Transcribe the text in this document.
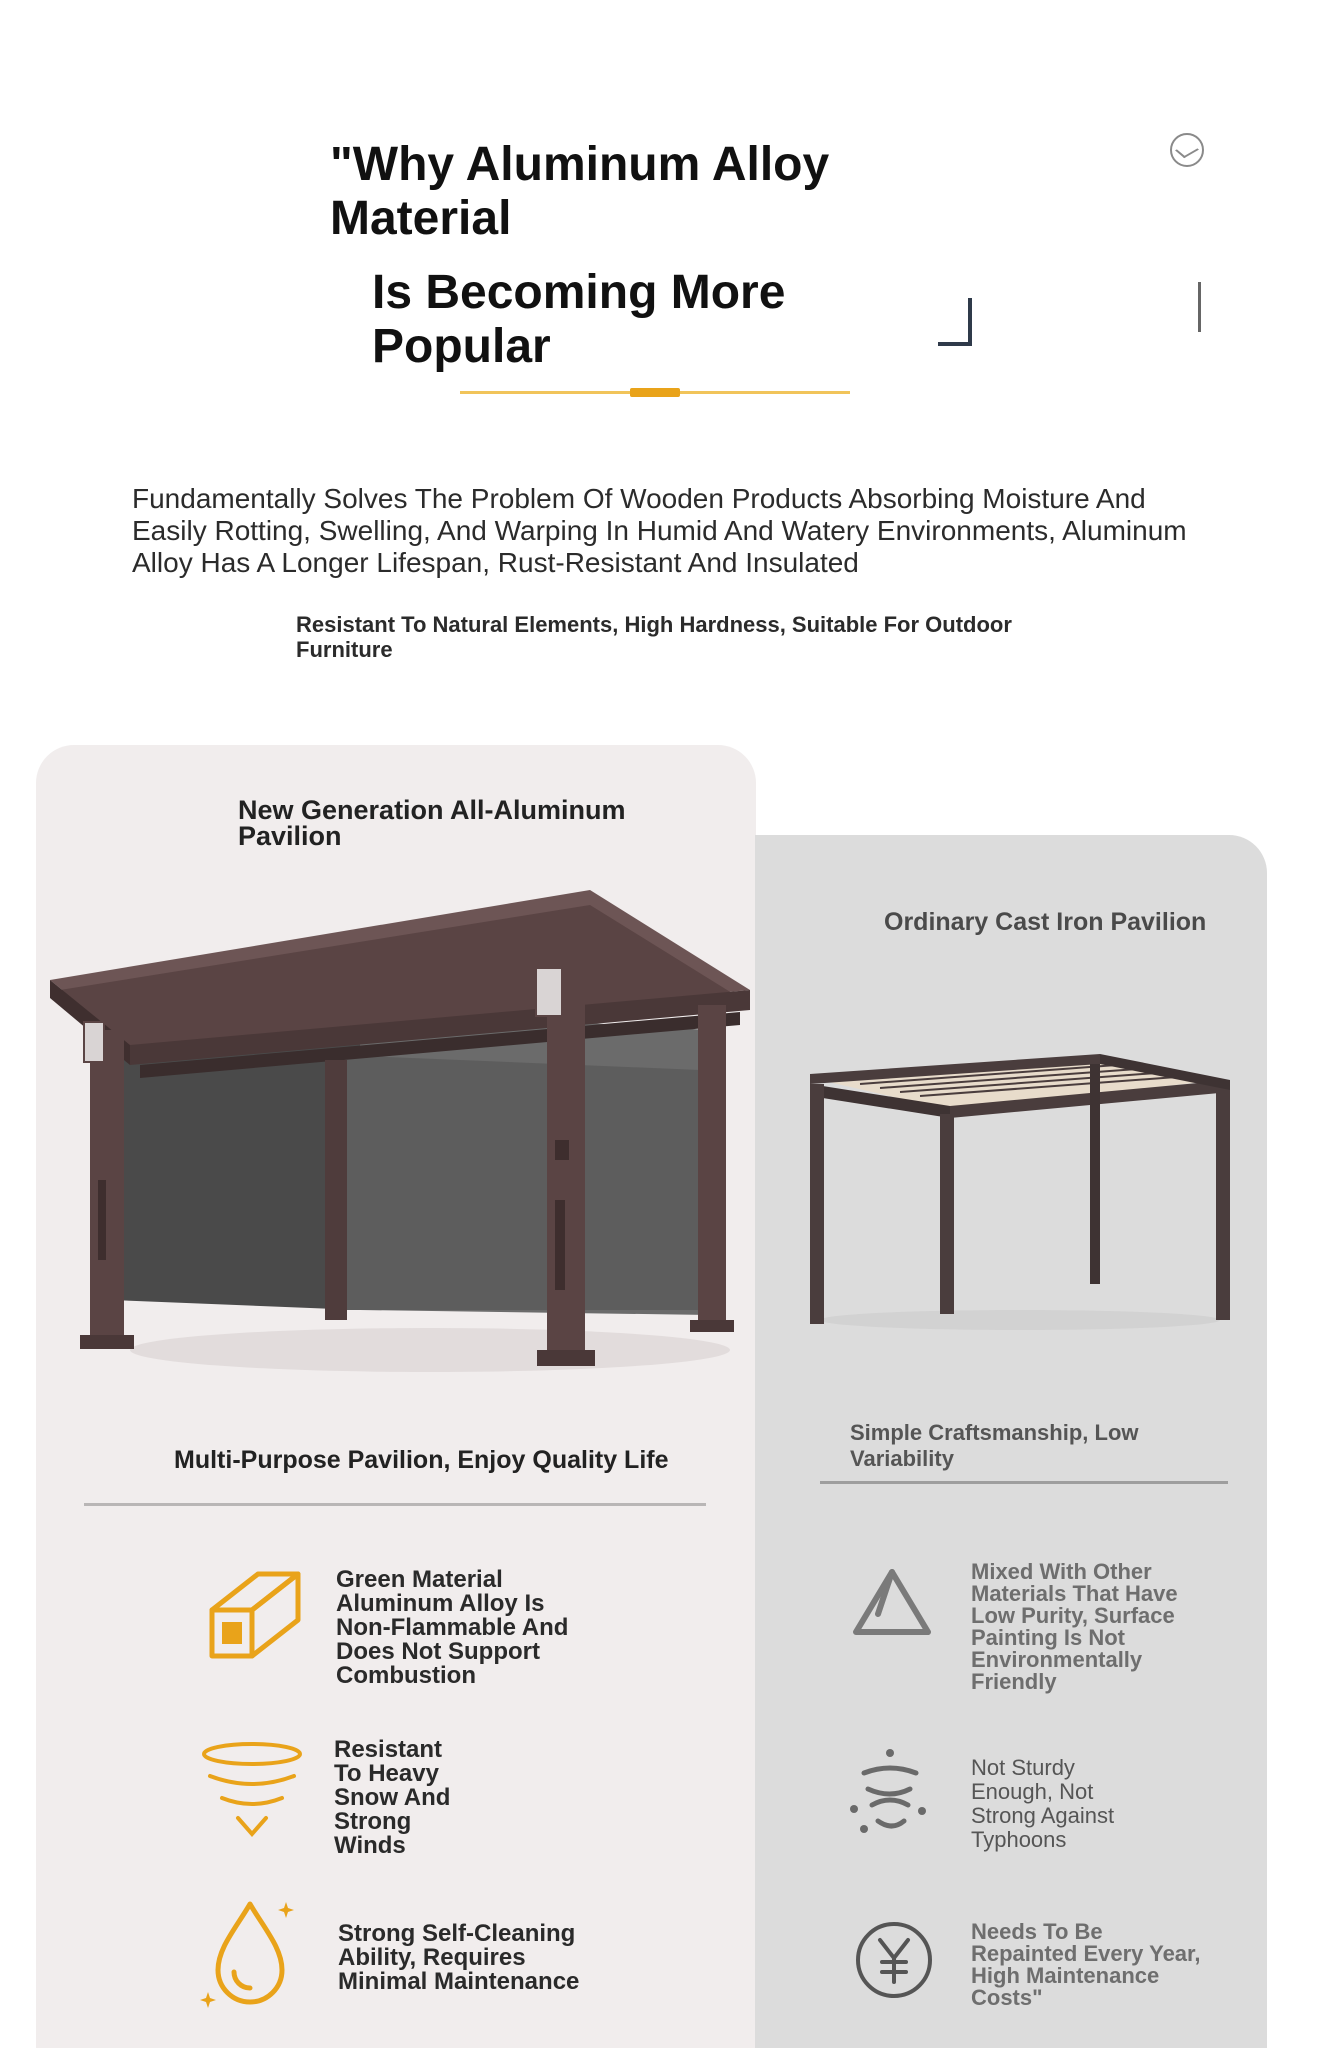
"Why Aluminum Alloy Material
Is Becoming More Popular
Fundamentally Solves The Problem Of Wooden Products Absorbing Moisture And Easily Rotting, Swelling, And Warping In Humid And Watery Environments, Aluminum Alloy Has A Longer Lifespan, Rust-Resistant And Insulated
Resistant To Natural Elements, High Hardness, Suitable For Outdoor Furniture
New Generation All-Aluminum Pavilion
Ordinary Cast Iron Pavilion
Multi-Purpose Pavilion, Enjoy Quality Life
Simple Craftsmanship, Low Variability
Green Material Aluminum Alloy Is Non-Flammable And Does Not Support Combustion
Resistant To Heavy Snow And Strong Winds
Strong Self-Cleaning Ability, Requires Minimal Maintenance
Mixed With Other Materials That Have Low Purity, Surface Painting Is Not Environmentally Friendly
Not Sturdy Enough, Not Strong Against Typhoons
Needs To Be Repainted Every Year, High Maintenance Costs"
